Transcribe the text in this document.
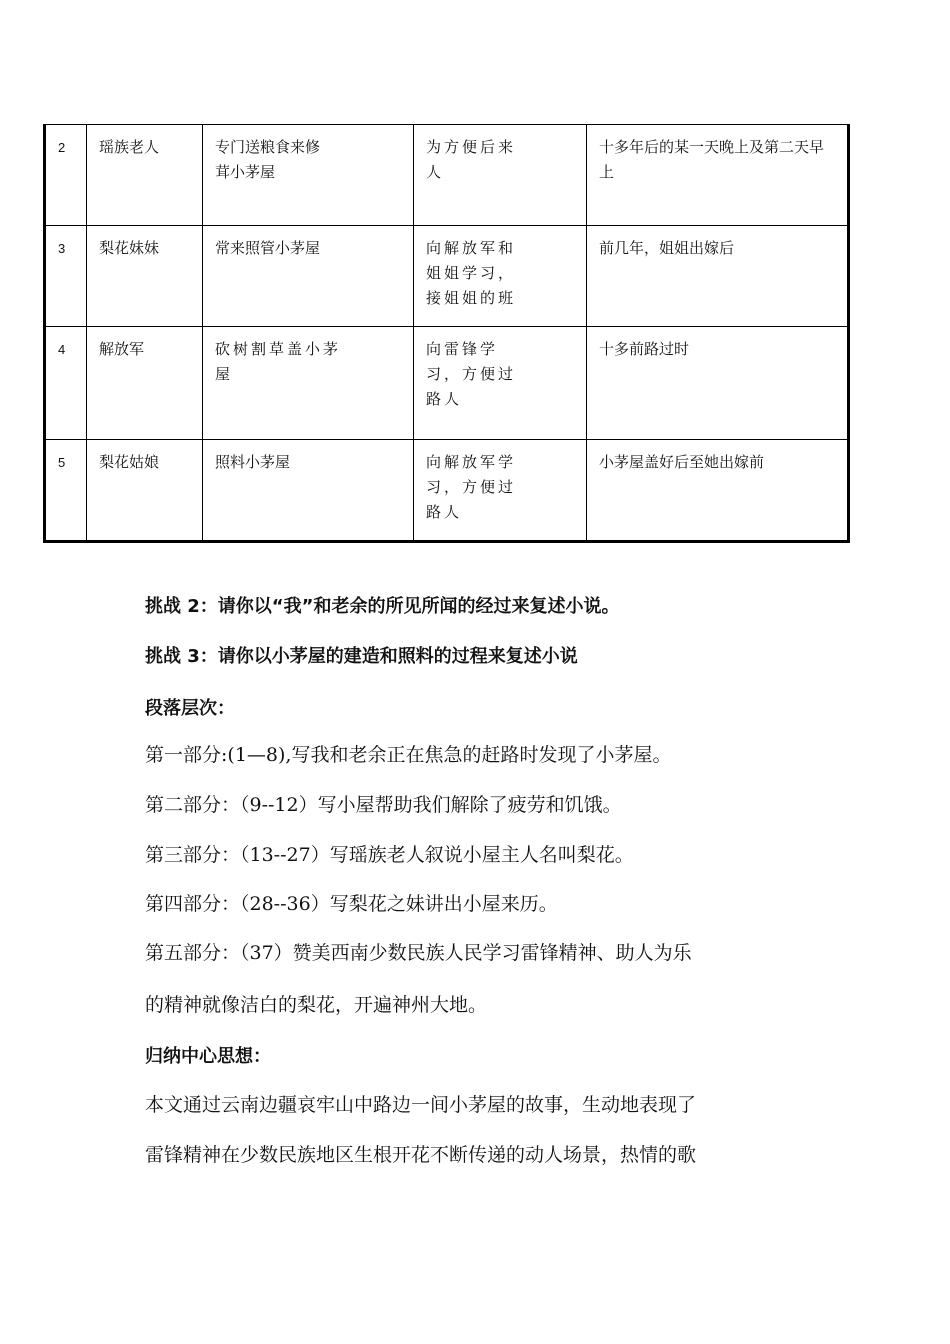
2	瑶族老人	专门送粮食来修茸小茅屋	为方便后来人	十多年后的某一天晚上及第二天早上
3	梨花妹妹	常来照管小茅屋	向解放军和姐姐学习，接姐姐的班	前几年，姐姐出嫁后
4	解放军	砍树割草盖小茅屋	向雷锋学习，方便过路人	十多前路过时
5	梨花姑娘	照料小茅屋	向解放军学习，方便过路人	小茅屋盖好后至她出嫁前
挑战 2：请你以“我”和老余的所见所闻的经过来复述小说。
挑战 3：请你以小茅屋的建造和照料的过程来复述小说
段落层次：
第一部分:(1—8),写我和老余正在焦急的赶路时发现了小茅屋。
第二部分：（9--12）写小屋帮助我们解除了疲劳和饥饿。
第三部分：（13--27）写瑶族老人叙说小屋主人名叫梨花。
第四部分：（28--36）写梨花之妹讲出小屋来历。
第五部分：（37）赞美西南少数民族人民学习雷锋精神、助人为乐
的精神就像洁白的梨花，开遍神州大地。
归纳中心思想：
本文通过云南边疆哀牢山中路边一间小茅屋的故事，生动地表现了
雷锋精神在少数民族地区生根开花不断传递的动人场景，热情的歌
